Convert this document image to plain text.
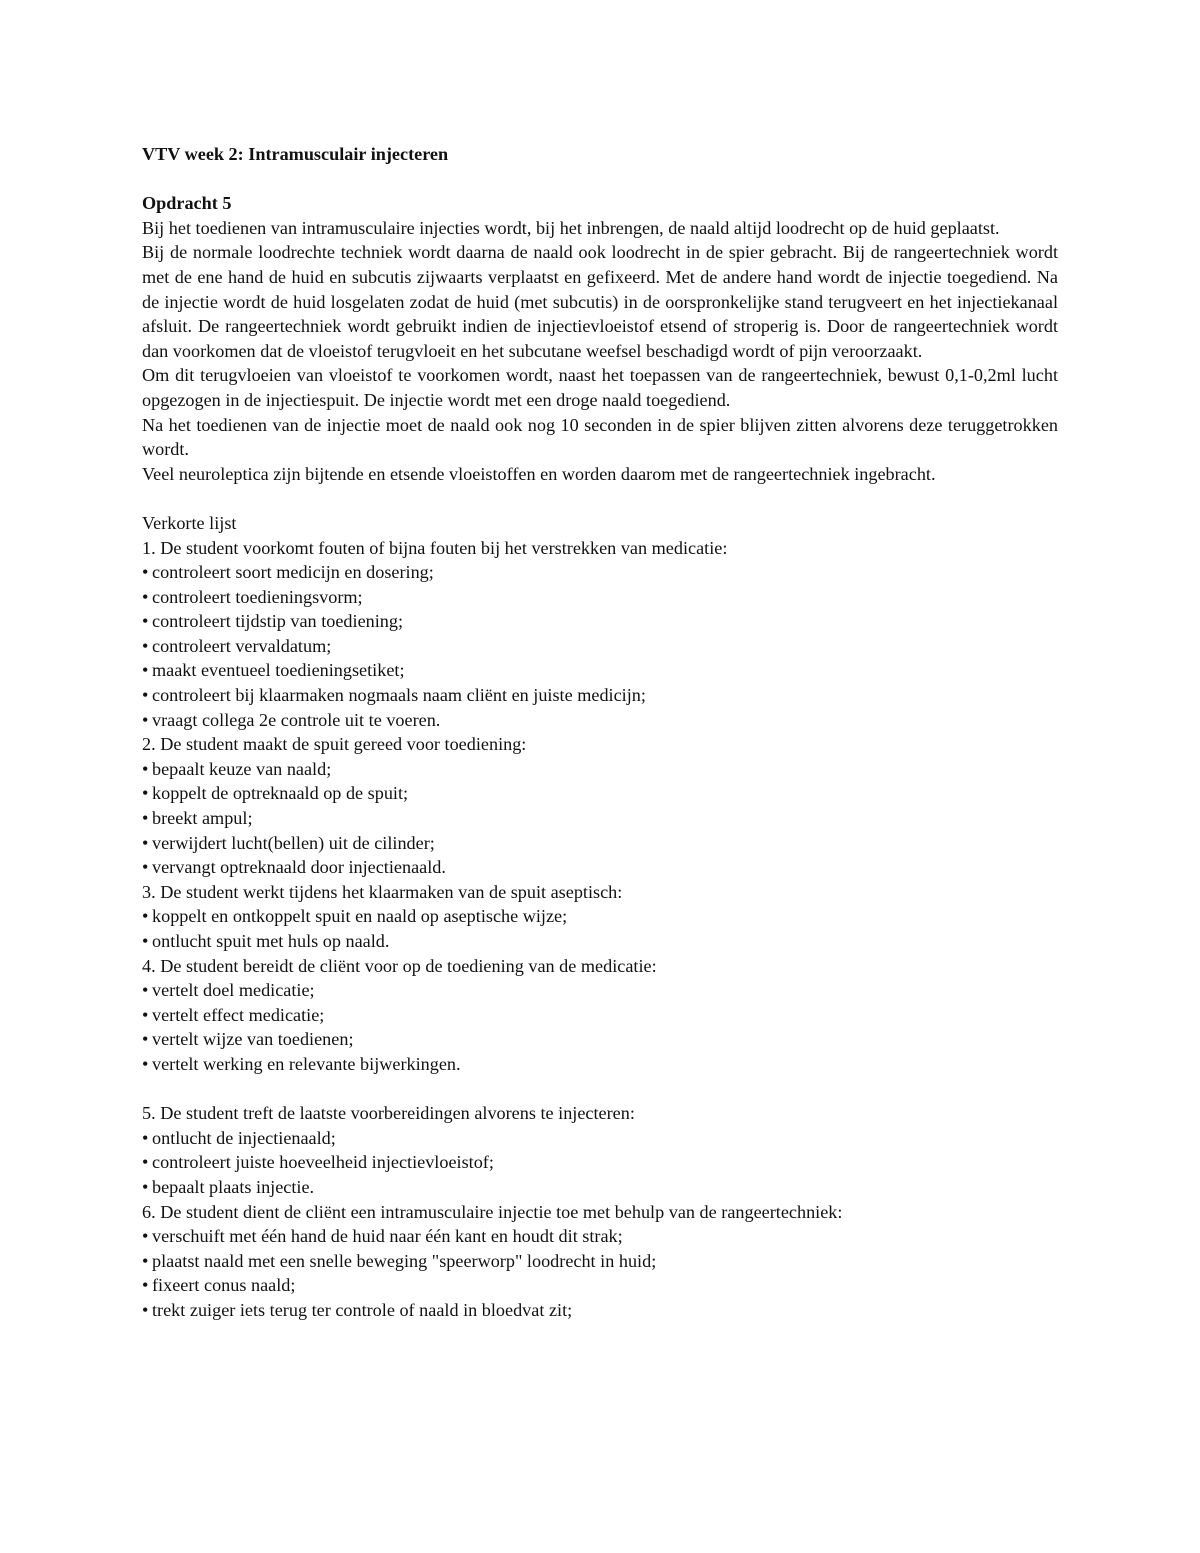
VTV week 2: Intramusculair injecteren

Opdracht 5

Bij het toedienen van intramusculaire injecties wordt, bij het inbrengen, de naald altijd loodrecht op de huid geplaatst.

Bij de normale loodrechte techniek wordt daarna de naald ook loodrecht in de spier gebracht. Bij de rangeertechniek wordt met de ene hand de huid en subcutis zijwaarts verplaatst en gefixeerd. Met de andere hand wordt de injectie toegediend. Na de injectie wordt de huid losgelaten zodat de huid (met subcutis) in de oorspronkelijke stand terugveert en het injectiekanaal afsluit. De rangeertechniek wordt gebruikt indien de injectievloeistof etsend of stroperig is. Door de rangeertechniek wordt dan voorkomen dat de vloeistof terugvloeit en het subcutane weefsel beschadigd wordt of pijn veroorzaakt.

Om dit terugvloeien van vloeistof te voorkomen wordt, naast het toepassen van de rangeertechniek, bewust 0,1-0,2ml lucht opgezogen in de injectiespuit. De injectie wordt met een droge naald toegediend.

Na het toedienen van de injectie moet de naald ook nog 10 seconden in de spier blijven zitten alvorens deze teruggetrokken wordt.

Veel neuroleptica zijn bijtende en etsende vloeistoffen en worden daarom met de rangeertechniek ingebracht.

Verkorte lijst

1. De student voorkomt fouten of bijna fouten bij het verstrekken van medicatie:

• controleert soort medicijn en dosering;

• controleert toedieningsvorm;

• controleert tijdstip van toediening;

• controleert vervaldatum;

• maakt eventueel toedieningsetiket;

• controleert bij klaarmaken nogmaals naam cliënt en juiste medicijn;

• vraagt collega 2e controle uit te voeren.

2. De student maakt de spuit gereed voor toediening:

• bepaalt keuze van naald;

• koppelt de optreknaald op de spuit;

• breekt ampul;

• verwijdert lucht(bellen) uit de cilinder;

• vervangt optreknaald door injectienaald.

3. De student werkt tijdens het klaarmaken van de spuit aseptisch:

• koppelt en ontkoppelt spuit en naald op aseptische wijze;

• ontlucht spuit met huls op naald.

4. De student bereidt de cliënt voor op de toediening van de medicatie:

• vertelt doel medicatie;

• vertelt effect medicatie;

• vertelt wijze van toedienen;

• vertelt werking en relevante bijwerkingen.

5. De student treft de laatste voorbereidingen alvorens te injecteren:

• ontlucht de injectienaald;

• controleert juiste hoeveelheid injectievloeistof;

• bepaalt plaats injectie.

6. De student dient de cliënt een intramusculaire injectie toe met behulp van de rangeertechniek:

• verschuift met één hand de huid naar één kant en houdt dit strak;

• plaatst naald met een snelle beweging "speerworp" loodrecht in huid;

• fixeert conus naald;

• trekt zuiger iets terug ter controle of naald in bloedvat zit;
